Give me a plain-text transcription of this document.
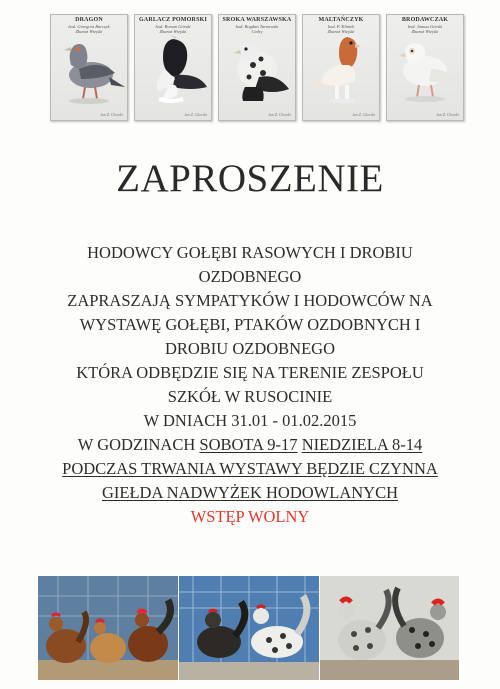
DRAGON
hod. Grzegorz Barczyk
Zbaraż Wiejski
Jan Z. Glorski
GARLACZ POMORSKI
hod. Roman Górski
Zbaraż Wiejski
Jan Z. Glorski
SROKA WARSZAWSKA
hod. Bogdan Tarnawski
Cedry
Jan Z. Glorski
MALTAŃCZYK
hod. P. Klimek
Zbaraż Wiejski
Jan Z. Glorski
BRODAWCZAK
hod. Janusz Górski
Zbaraż Wiejski
Jan Z. Glorski
ZAPROSZENIE
HODOWCY GOŁĘBI RASOWYCH I DROBIU
OZDOBNEGO
ZAPRASZAJĄ SYMPATYKÓW I HODOWCÓW NA
WYSTAWĘ GOŁĘBI, PTAKÓW OZDOBNYCH I
DROBIU OZDOBNEGO
KTÓRA ODBĘDZIE SIĘ NA TERENIE ZESPOŁU
SZKÓŁ W RUSOCINIE
W DNIACH 31.01 - 01.02.2015
W GODZINACH SOBOTA 9-17 NIEDZIELA 8-14
PODCZAS TRWANIA WYSTAWY BĘDZIE CZYNNA
GIEŁDA NADWYŻEK HODOWLANYCH
WSTĘP WOLNY
